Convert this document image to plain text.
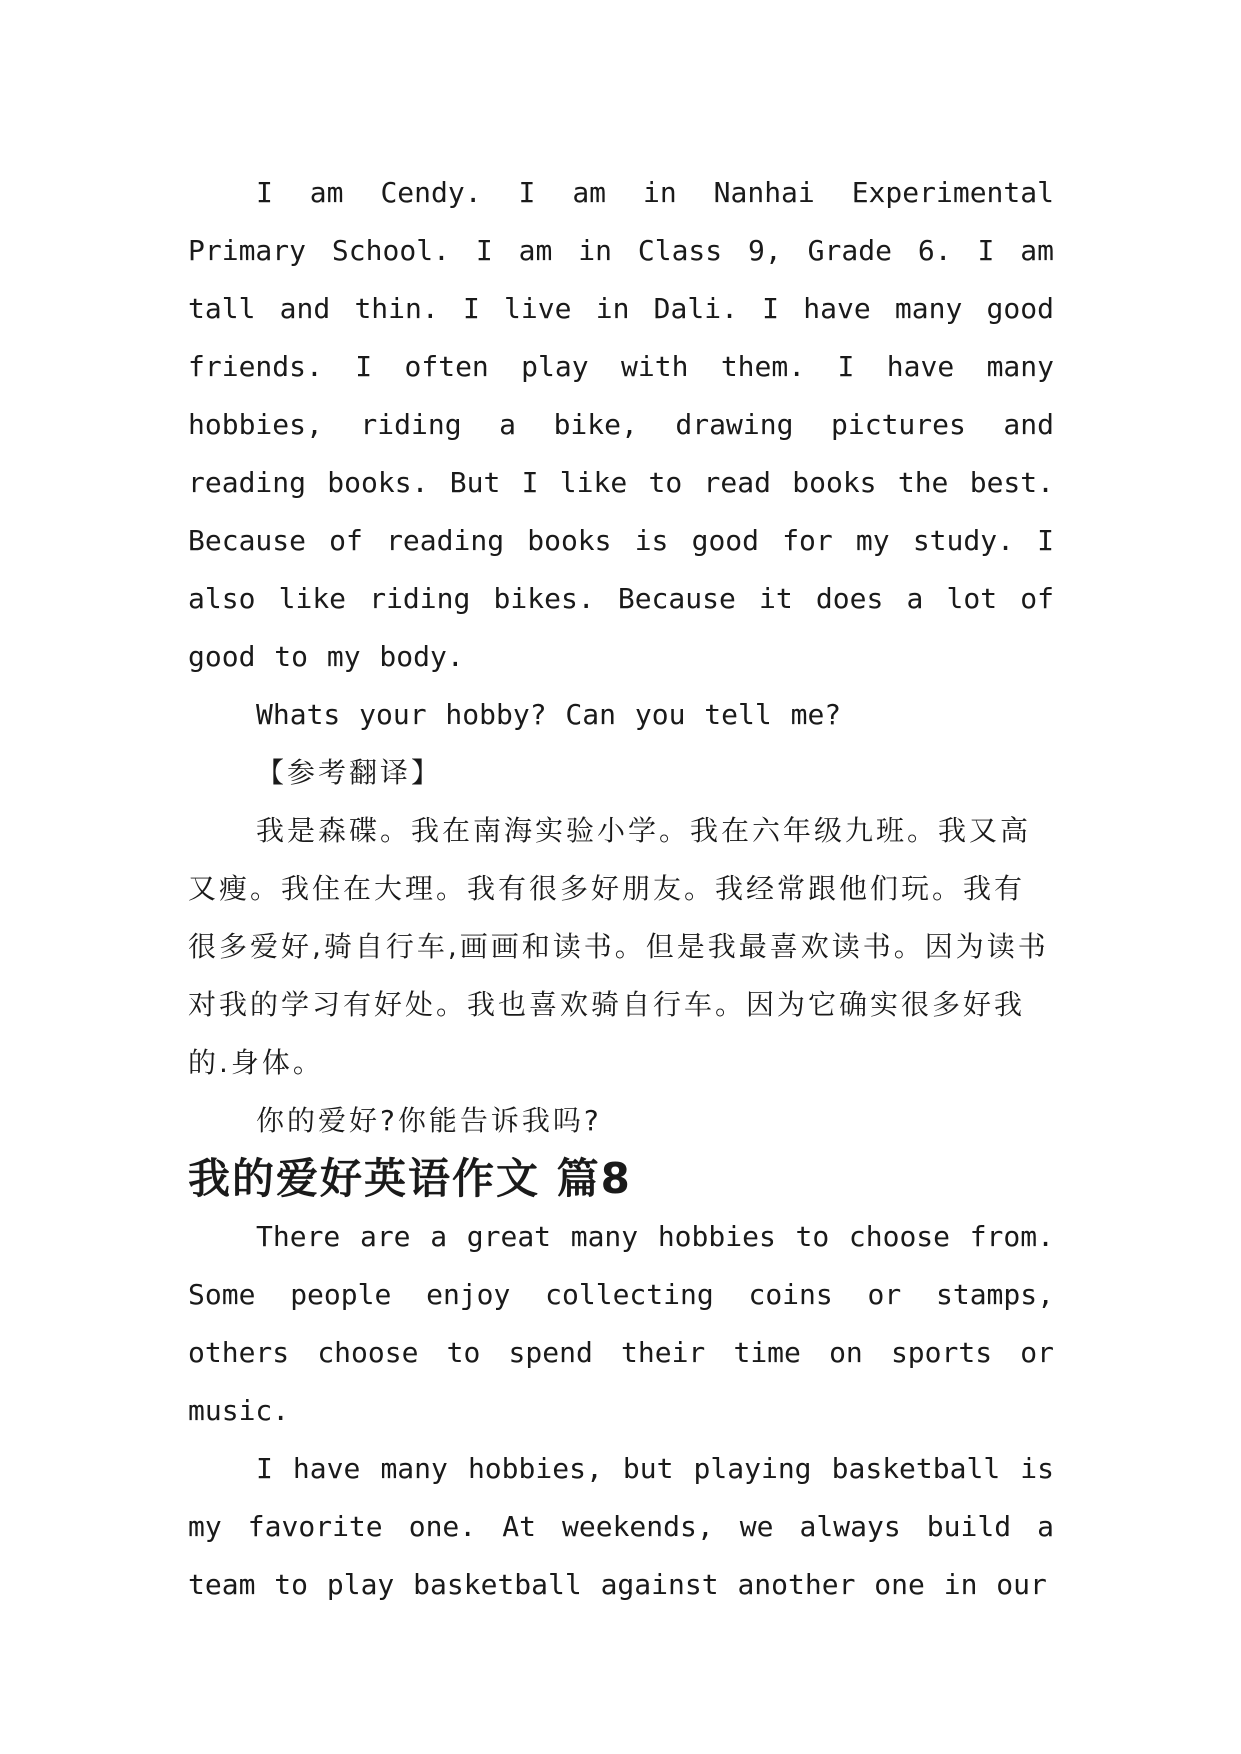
I am Cendy. I am in Nanhai Experimental Primary School. I am in Class 9, Grade 6. I am tall and thin. I live in Dali. I have many good friends. I often play with them. I have many hobbies, riding a bike, drawing pictures and reading books. But I like to read books the best. Because of reading books is good for my study. I also like riding bikes. Because it does a lot of good to my body.

Whats your hobby? Can you tell me?

【参考翻译】

我是森碟。我在南海实验小学。我在六年级九班。我又高又瘦。我住在大理。我有很多好朋友。我经常跟他们玩。我有很多爱好,骑自行车,画画和读书。但是我最喜欢读书。因为读书对我的学习有好处。我也喜欢骑自行车。因为它确实很多好我的.身体。

你的爱好?你能告诉我吗?

我的爱好英语作文 篇8

There are a great many hobbies to choose from. Some people enjoy collecting coins or stamps, others choose to spend their time on sports or music.

I have many hobbies, but playing basketball is my favorite one. At weekends, we always build a team to play basketball against another one in our
